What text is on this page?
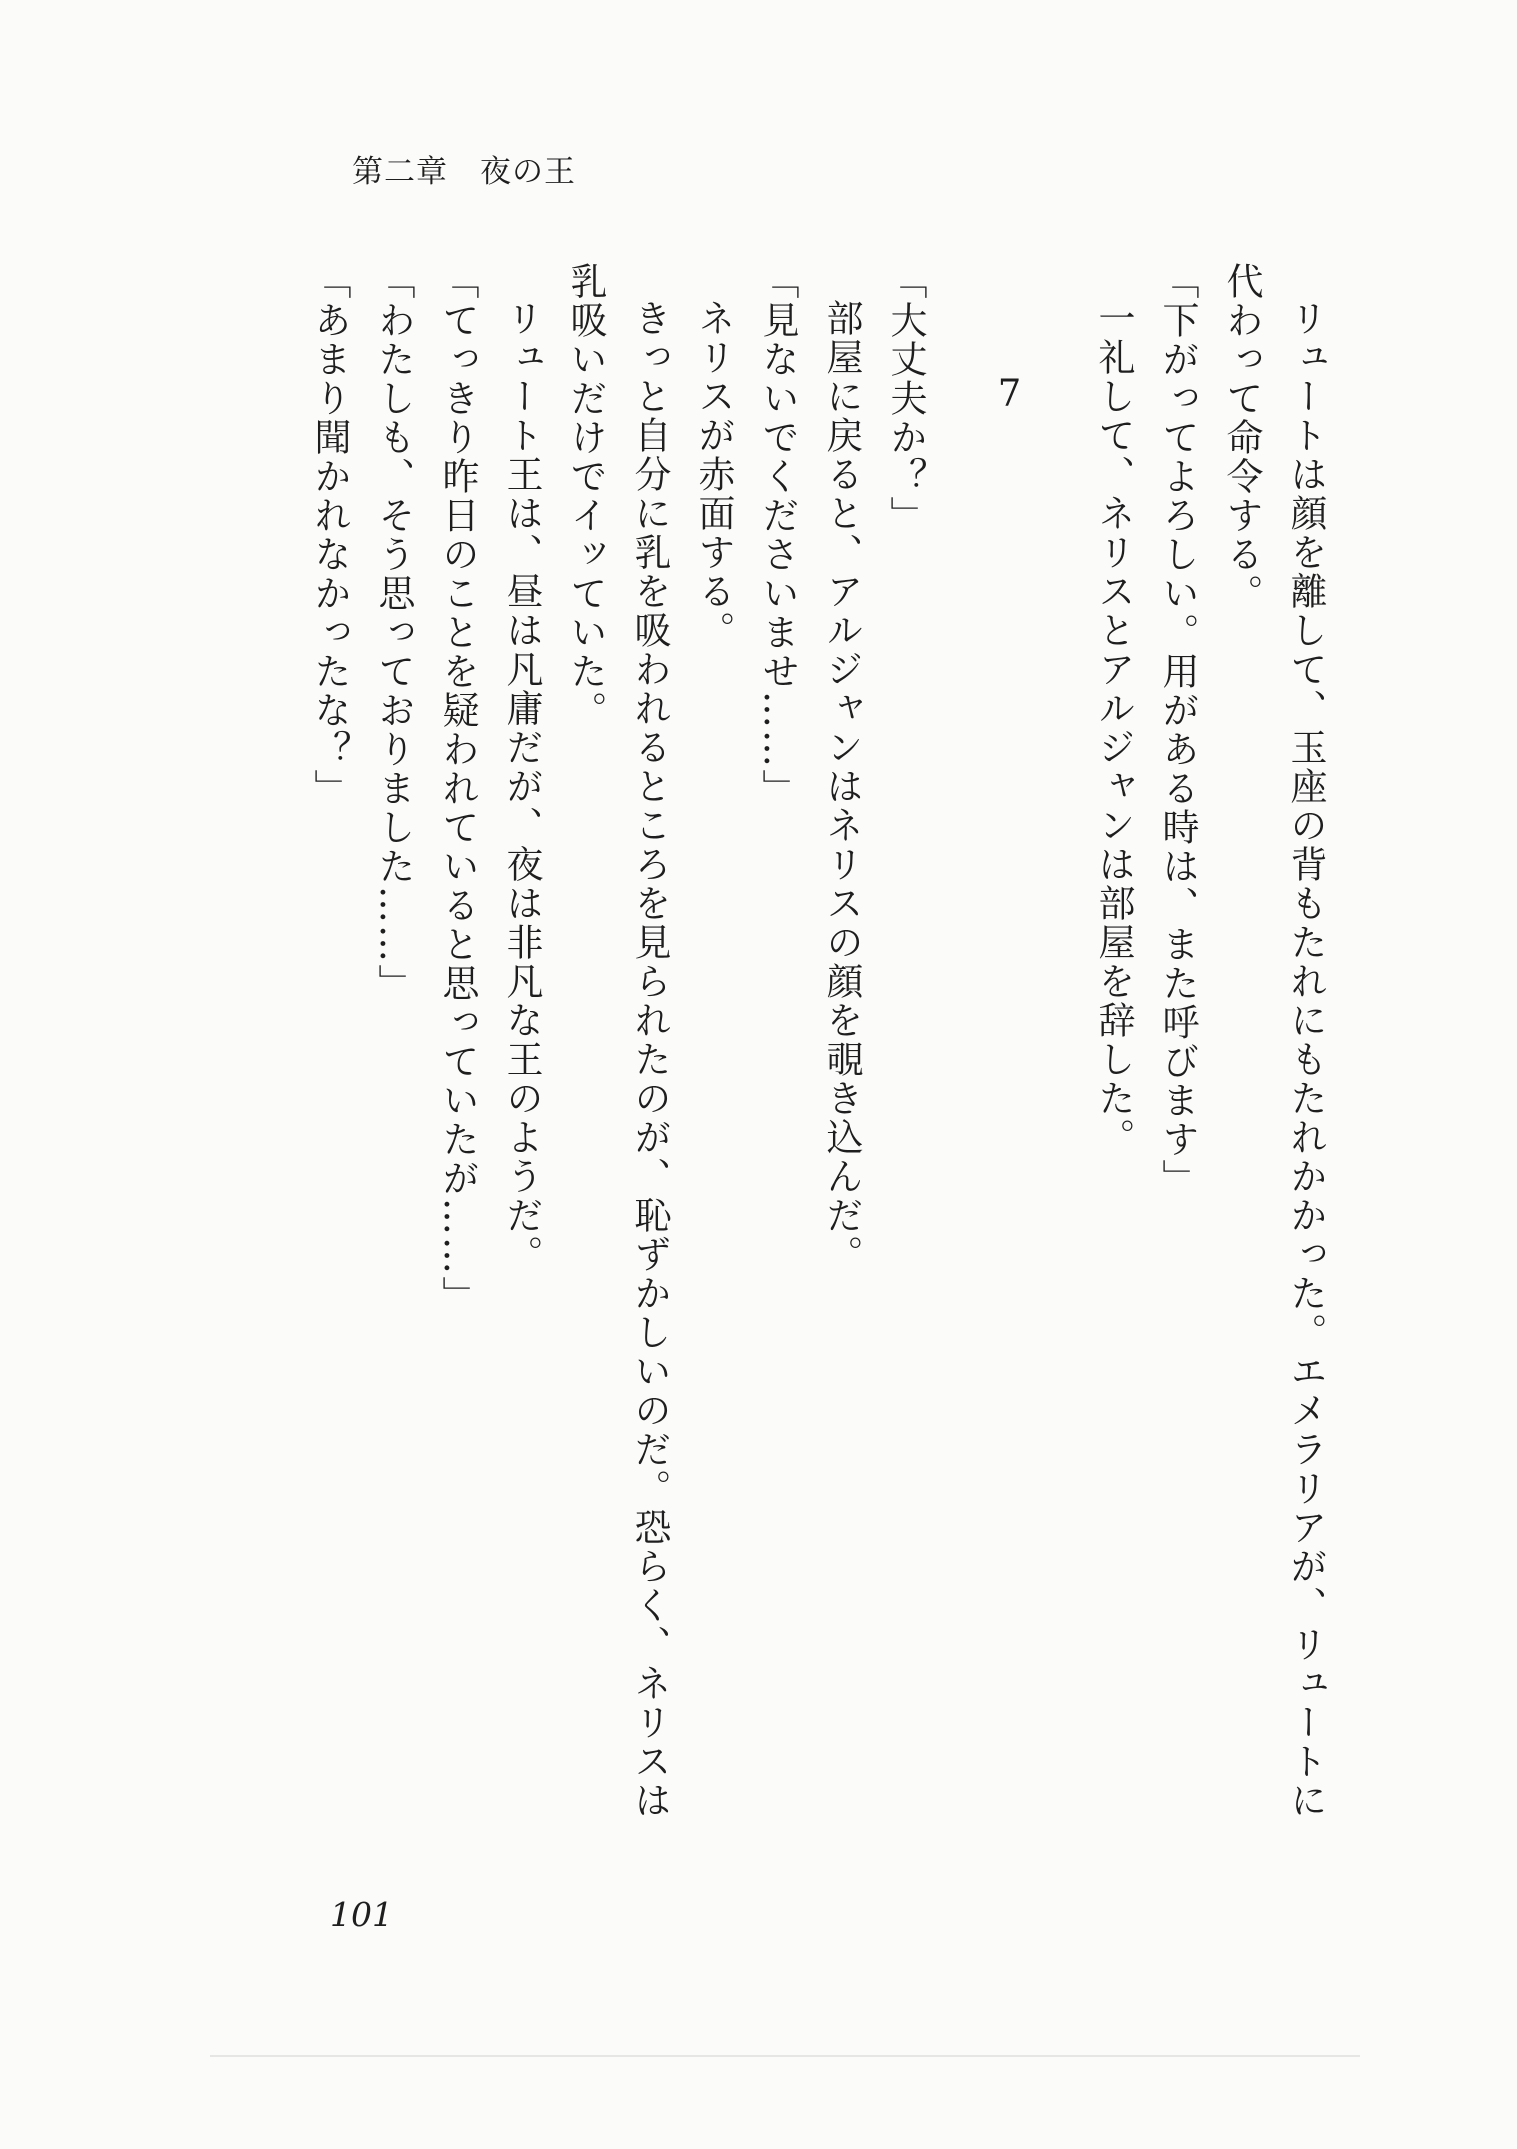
第二章　夜の王
リュートは顔を離して、玉座の背もたれにもたれかかった。エメラリアが、リュートに
代わって命令する。
「下がってよろしい。用がある時は、また呼びます」
一礼して、ネリスとアルジャンは部屋を辞した。
7
「大丈夫か？」
部屋に戻ると、アルジャンはネリスの顔を覗き込んだ。
「見ないでくださいませ……」
ネリスが赤面する。
きっと自分に乳を吸われるところを見られたのが、恥ずかしいのだ。恐らく、ネリスは
乳吸いだけでイッていた。
リュート王は、昼は凡庸だが、夜は非凡な王のようだ。
「てっきり昨日のことを疑われていると思っていたが……」
「わたしも、そう思っておりました……」
「あまり聞かれなかったな？」
101
